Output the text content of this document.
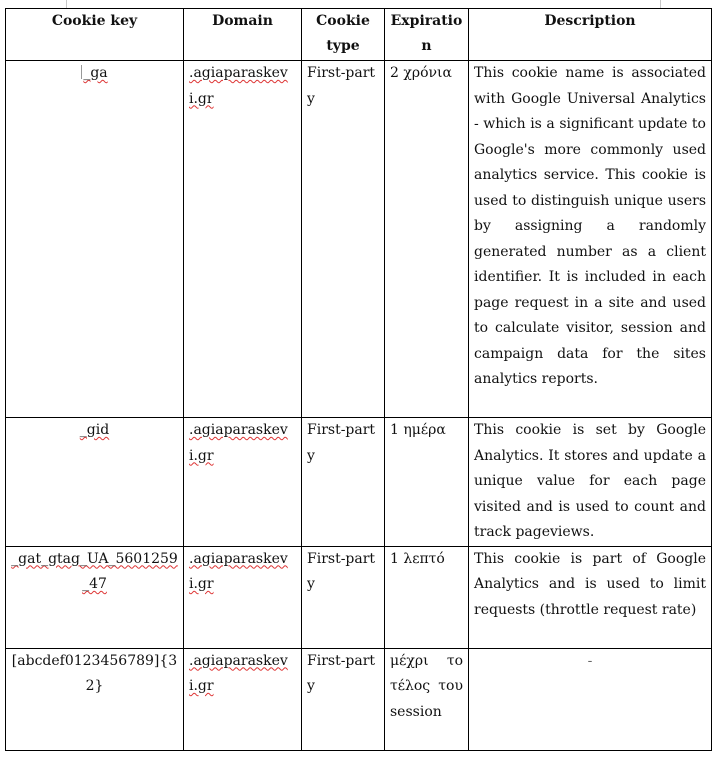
Cookie key	Domain	Cookie type	Expiration	Description
_ga	.agiaparaskevi.gr	First-party	2 χρόνια	This cookie name is associated with Google Universal Analytics - which is a significant update to Google's more commonly used analytics service. This cookie is used to distinguish unique users by assigning a randomly generated number as a client identifier. It is included in each page request in a site and used to calculate visitor, session and campaign data for the sites analytics reports.
_gid	.agiaparaskevi.gr	First-party	1 ημέρα	This cookie is set by Google Analytics. It stores and update a unique value for each page visited and is used to count and track pageviews.
_gat_gtag_UA_5601259_47	.agiaparaskevi.gr	First-party	1 λεπτό	This cookie is part of Google Analytics and is used to limit requests (throttle request rate)
[abcdef0123456789]{32}	.agiaparaskevi.gr	First-party	μέχρι το τέλος του session	-
